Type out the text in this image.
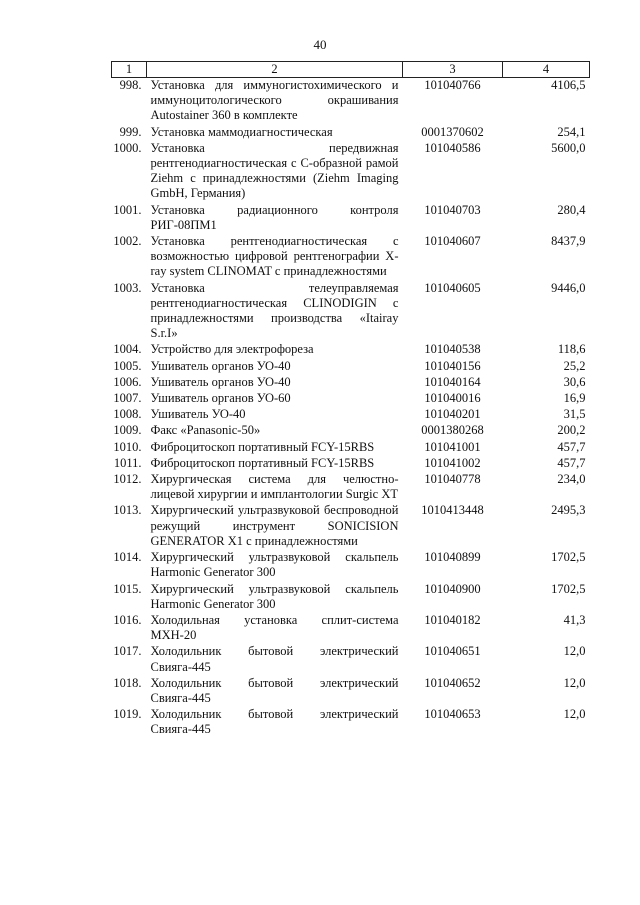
40
1	2	3	4
998.	Установка для иммуногистохимического и иммуноцитологического окрашивания Autostainer 360 в комплекте	101040766	4106,5
999.	Установка маммодиагностическая	0001370602	254,1
1000.	Установка передвижная рентгенодиагностическая с С-образной рамой Ziehm с принадлежностями (Ziehm Imaging GmbH, Германия)	101040586	5600,0
1001.	Установка радиационного контроля РИГ-08ПМ1	101040703	280,4
1002.	Установка рентгенодиагностическая с возможностью цифровой рентгенографии X-ray system CLINOMAT с принадлежностями	101040607	8437,9
1003.	Установка телеуправляемая рентгенодиагностическая CLINODIGIN с принадлежностями производства «Itairay S.r.I»	101040605	9446,0
1004.	Устройство для электрофореза	101040538	118,6
1005.	Ушиватель органов УО-40	101040156	25,2
1006.	Ушиватель органов УО-40	101040164	30,6
1007.	Ушиватель органов УО-60	101040016	16,9
1008.	Ушиватель УО-40	101040201	31,5
1009.	Факс «Panasonic-50»	0001380268	200,2
1010.	Фиброцитоскоп портативный FCY-15RBS	101041001	457,7
1011.	Фиброцитоскоп портативный FCY-15RBS	101041002	457,7
1012.	Хирургическая система для челюстно-лицевой хирургии и имплантологии Surgic XT	101040778	234,0
1013.	Хирургический ультразвуковой беспроводной режущий инструмент SONICISION GENERATOR X1 с принадлежностями	1010413448	2495,3
1014.	Хирургический ультразвуковой скальпель Harmonic Generator 300	101040899	1702,5
1015.	Хирургический ультразвуковой скальпель Harmonic Generator 300	101040900	1702,5
1016.	Холодильная установка сплит-система МХН-20	101040182	41,3
1017.	Холодильник бытовой электрический Свияга-445	101040651	12,0
1018.	Холодильник бытовой электрический Свияга-445	101040652	12,0
1019.	Холодильник бытовой электрический Свияга-445	101040653	12,0
